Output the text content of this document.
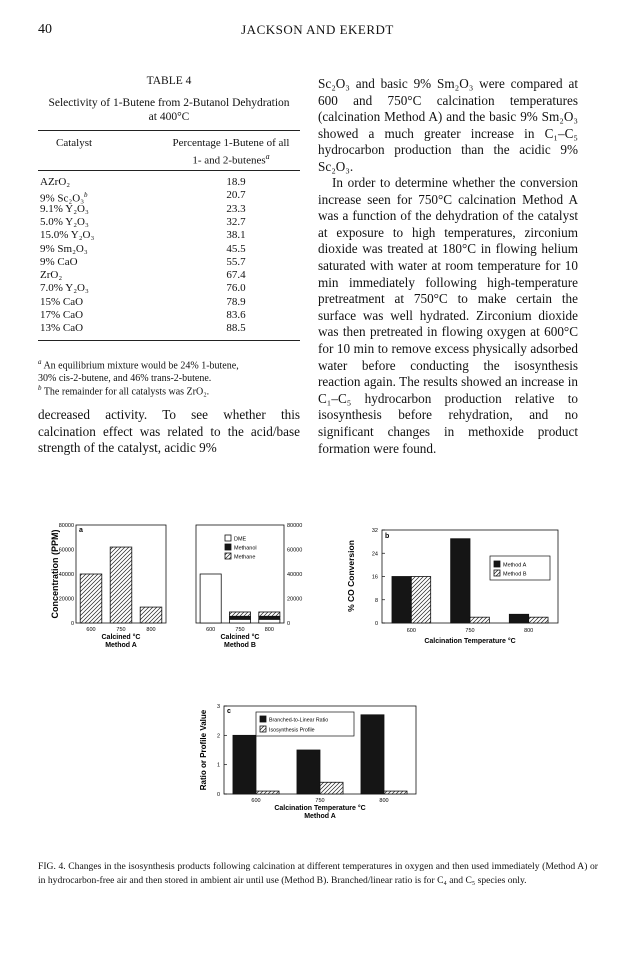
40	JACKSON AND EKERDT
TABLE 4
Selectivity of 1-Butene from 2-Butanol Dehydration
at 400°C
Catalyst	Percentage 1-Butene of all
1- and 2-butenes$^a$
AZrO₂	18.9
9% Sc₂O₃$^b$	20.7
9.1% Y₂O₃	23.3
5.0% Y₂O₃	32.7
15.0% Y₂O₃	38.1
9% Sm₂O₃	45.5
9% CaO	55.7
ZrO₂	67.4
7.0% Y₂O₃	76.0
15% CaO	78.9
17% CaO	83.6
13% CaO	88.5
$^a$ An equilibrium mixture would be 24% 1-butene,
30% cis-2-butene, and 46% trans-2-butene.
$^b$ The remainder for all catalysts was ZrO₂.
decreased activity. To see whether this calcination effect was related to the acid/base strength of the catalyst, acidic 9%
Sc₂O₃ and basic 9% Sm₂O₃ were compared at 600 and 750°C calcination temperatures (calcination Method A) and the basic 9% Sm₂O₃ showed a much greater increase in C₁–C₅ hydrocarbon production than the acidic 9% Sc₂O₃.
In order to determine whether the conversion increase seen for 750°C calcination Method A was a function of the dehydration of the catalyst at exposure to high temperatures, zirconium dioxide was treated at 180°C in flowing helium saturated with water at room temperature for 10 min immediately following high-temperature pretreatment at 750°C to make certain the surface was well hydrated. Zirconium dioxide was then pretreated in flowing oxygen at 600°C for 10 min to remove excess physically adsorbed water before conducting the isosynthesis reaction again. The results showed an increase in C₁–C₅ hydrocarbon production relative to isosynthesis before rehydration, and no significant changes in methoxide product formation were found.
Concentration (PPM)
0	0
20000	20000
40000	40000
60000	60000
80000	80000
a
600	750	800
Calcined °C
Method A
600	750	800
Calcined °C
Method B
DME
Methanol
Methane	% CO Conversion
0
8
16
24
32
b
600	750	800
Calcination Temperature °C
Method A
Method B
Ratio or Profile Value
0
1
2
3
c
600	750	800
Calcination Temperature °C
Method A
Branched-to-Linear Ratio
Isosynthesis Profile
FIG. 4. Changes in the isosynthesis products following calcination at different temperatures in oxygen and then used immediately (Method A) or in hydrocarbon-free air and then stored in ambient air until use (Method B). Branched/linear ratio is for C₄ and C₅ species only.
